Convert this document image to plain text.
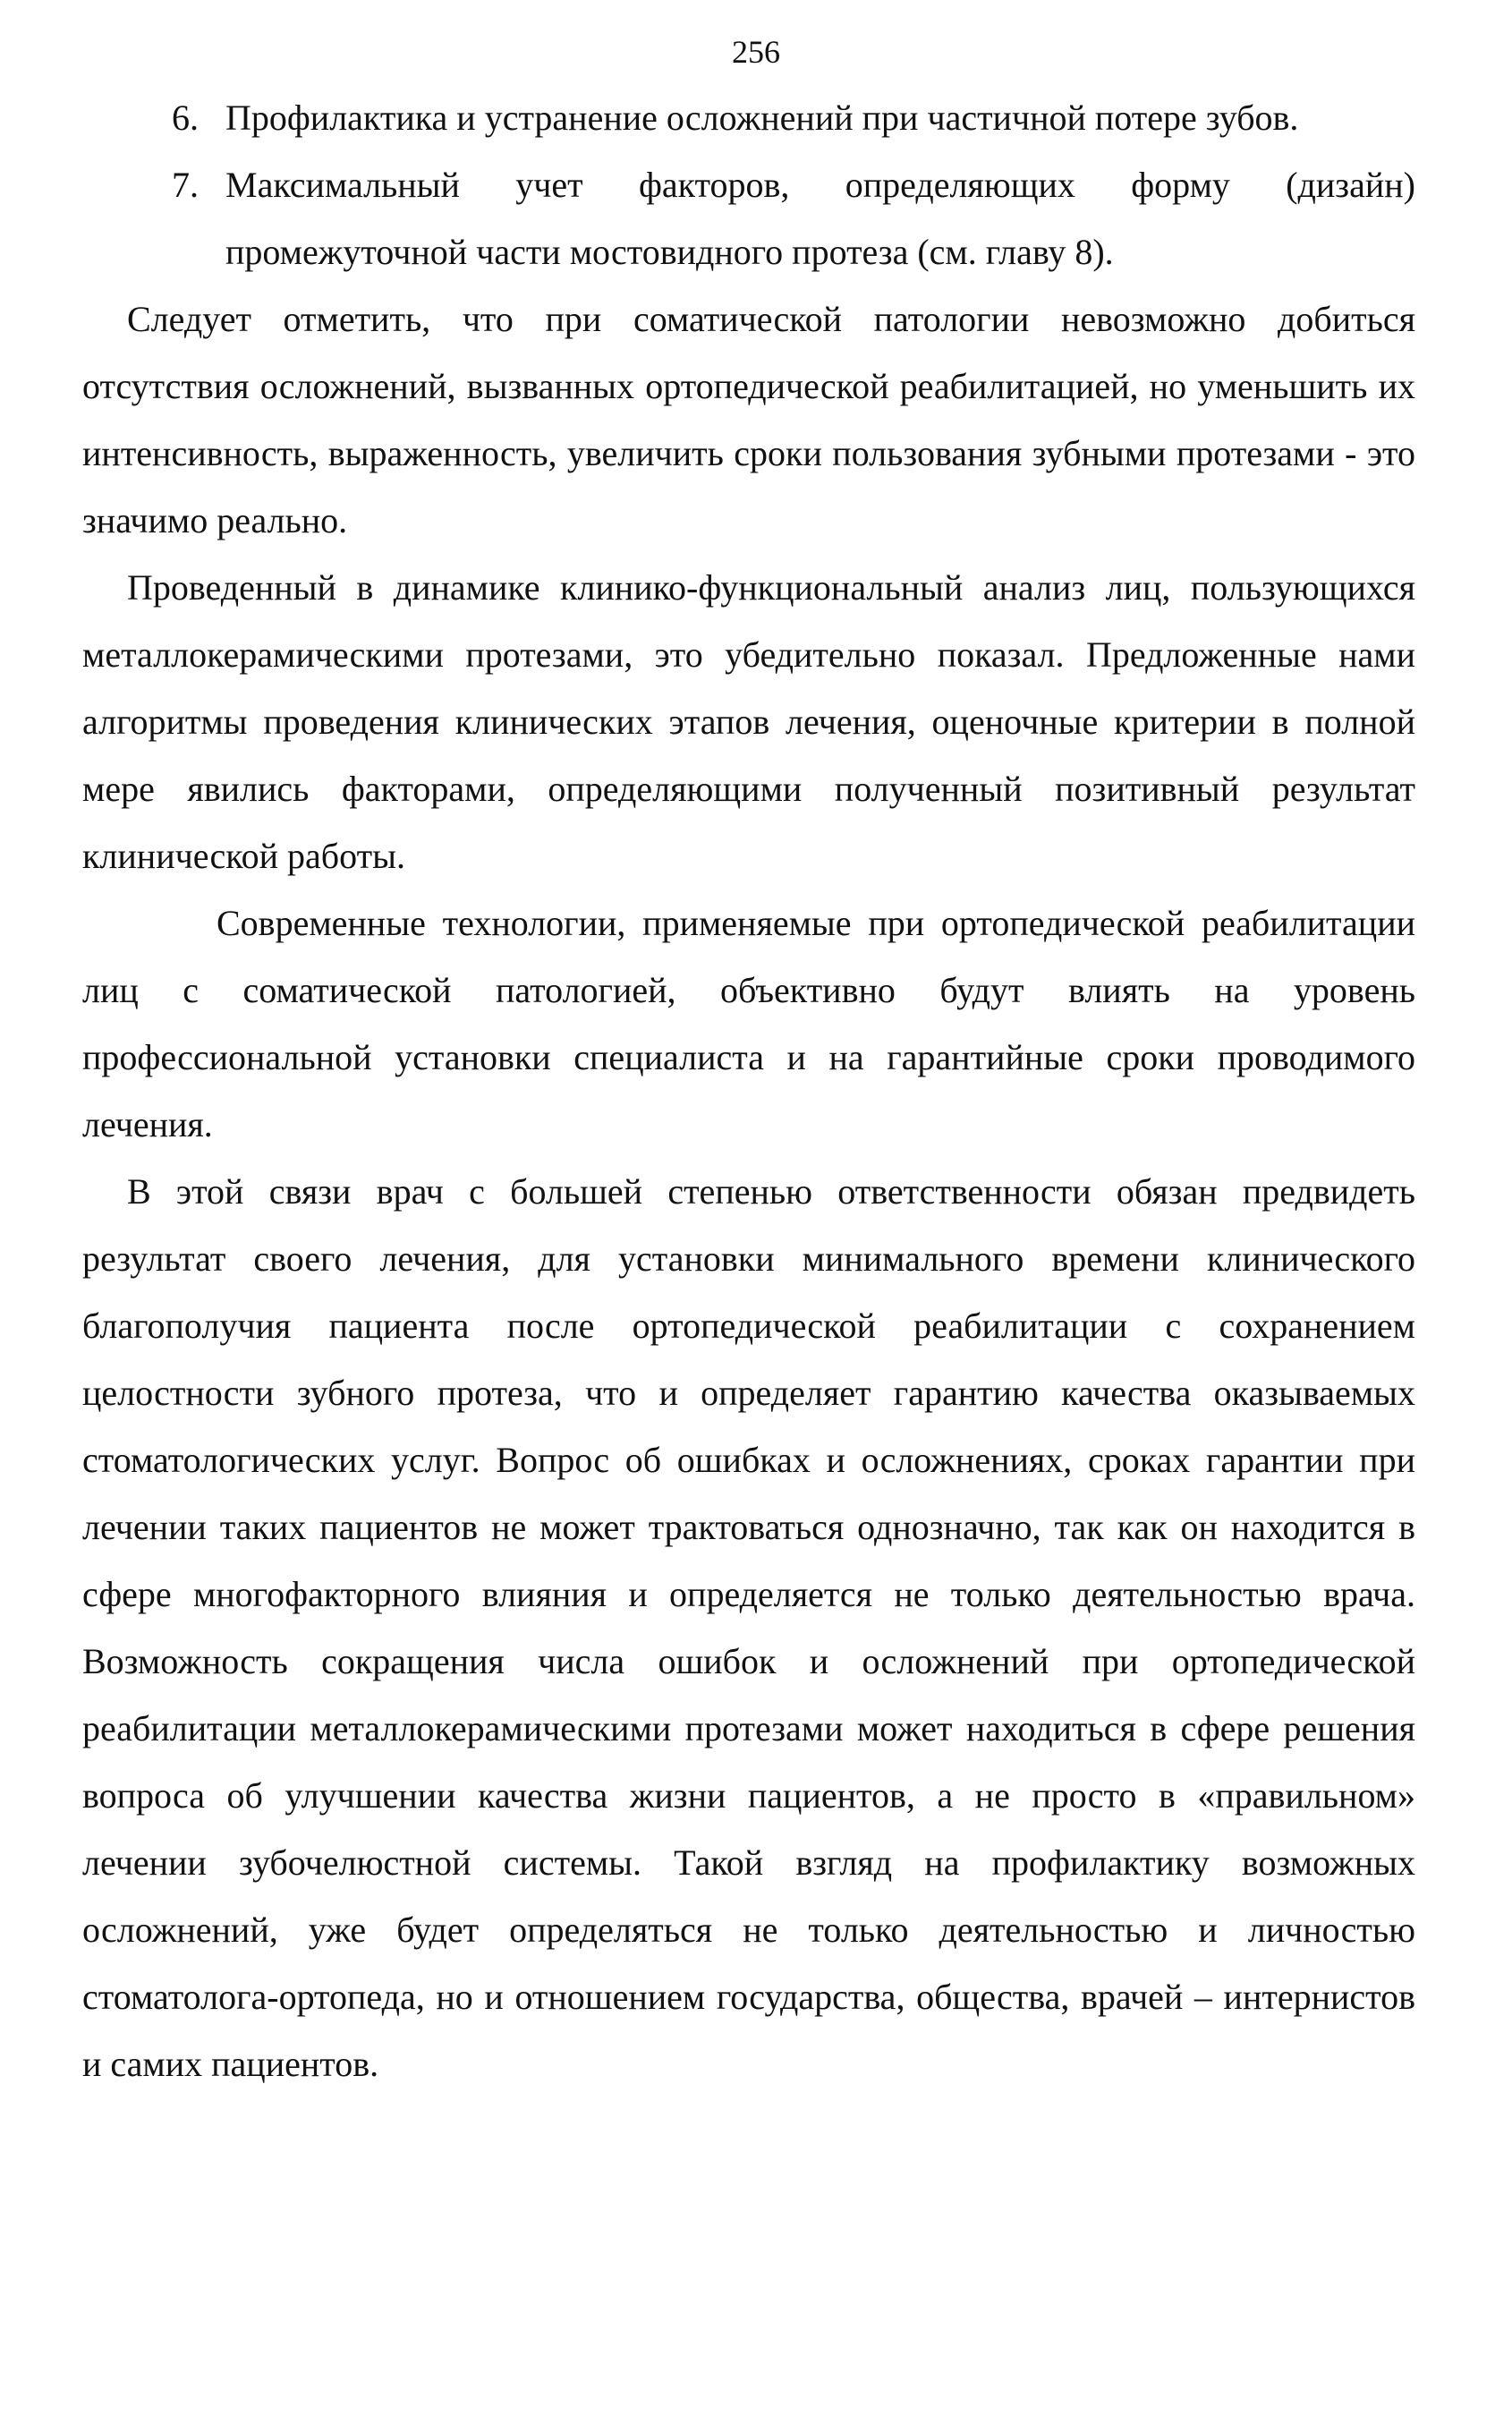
256
6. Профилактика и устранение осложнений при частичной потере зубов.
7. Максимальный учет факторов, определяющих форму (дизайн) промежуточной части мостовидного протеза (см. главу 8).

Следует отметить, что при соматической патологии невозможно добиться отсутствия осложнений, вызванных ортопедической реабилитацией, но уменьшить их интенсивность, выраженность, увеличить сроки пользования зубными протезами - это значимо реально.

Проведенный в динамике клинико-функциональный анализ лиц, пользующихся металлокерамическими протезами, это убедительно показал. Предложенные нами алгоритмы проведения клинических этапов лечения, оценочные критерии в полной мере явились факторами, определяющими полученный позитивный результат клинической работы.

Современные технологии, применяемые при ортопедической реабилитации лиц с соматической патологией, объективно будут влиять на уровень профессиональной установки специалиста и на гарантийные сроки проводимого лечения.

В этой связи врач с большей степенью ответственности обязан предвидеть результат своего лечения, для установки минимального времени клинического благополучия пациента после ортопедической реабилитации с сохранением целостности зубного протеза, что и определяет гарантию качества оказываемых стоматологических услуг. Вопрос об ошибках и осложнениях, сроках гарантии при лечении таких пациентов не может трактоваться однозначно, так как он находится в сфере многофакторного влияния и определяется не только деятельностью врача. Возможность сокращения числа ошибок и осложнений при ортопедической реабилитации металлокерамическими протезами может находиться в сфере решения вопроса об улучшении качества жизни пациентов, а не просто в «правильном» лечении зубочелюстной системы. Такой взгляд на профилактику возможных осложнений, уже будет определяться не только деятельностью и личностью стоматолога-ортопеда, но и отношением государства, общества, врачей – интернистов и самих пациентов.
